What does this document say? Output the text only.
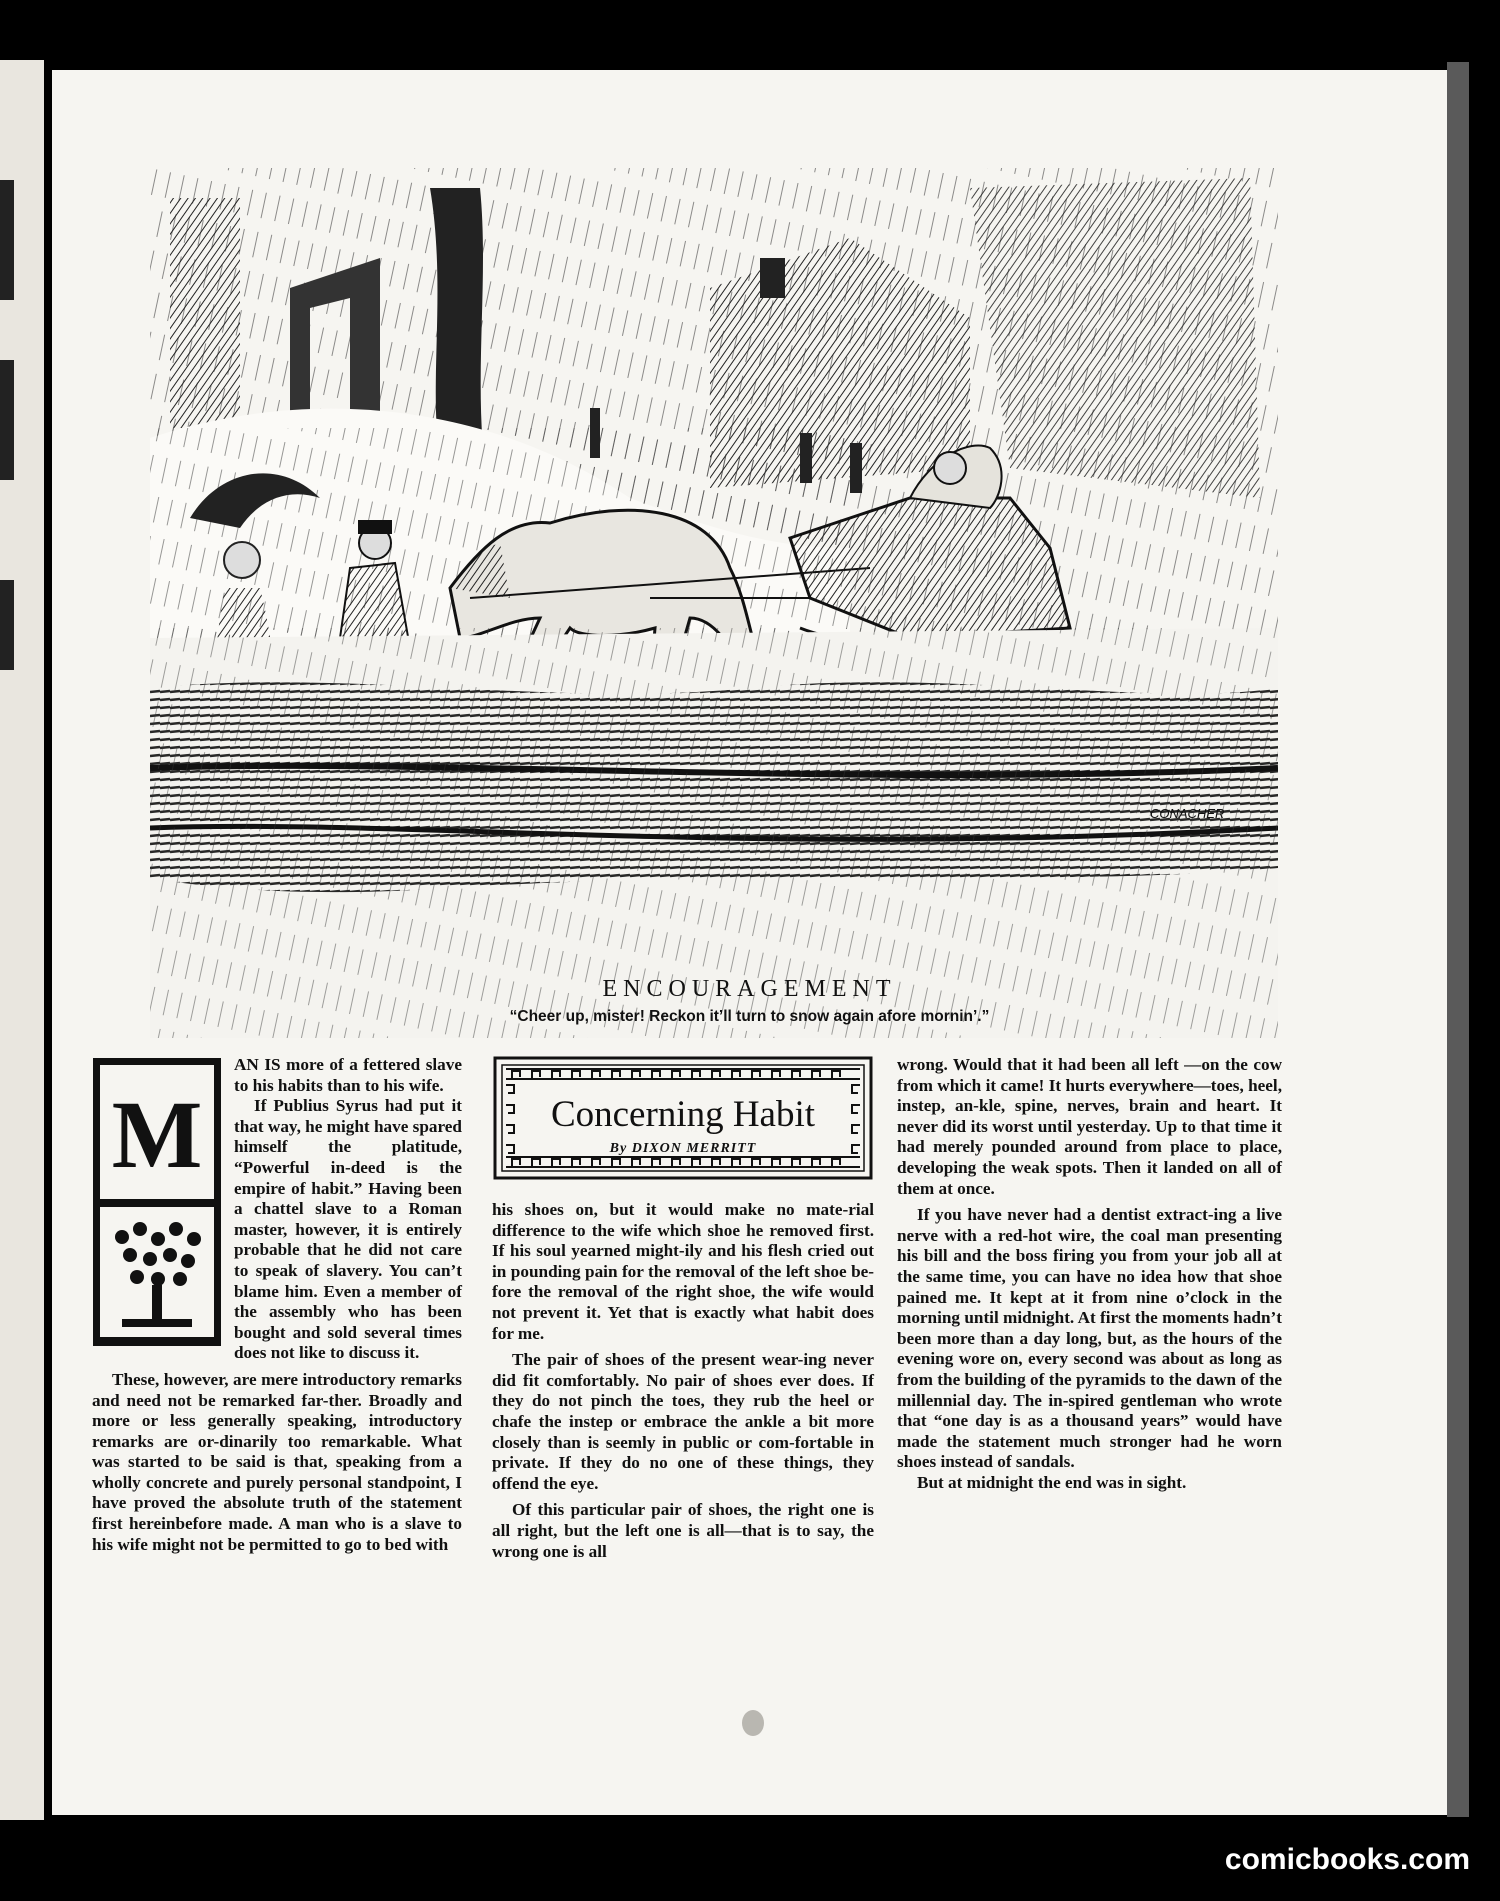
CONACHER
ENCOURAGEMENT
“Cheer up, mister! Reckon it’ll turn to snow again afore mornin’.”
M

AN IS more of a fettered slave to his habits than to his wife.

If Publius Syrus had put it that way, he might have spared himself the platitude, “Powerful in-deed is the empire of habit.” Having been a chattel slave to a Roman master, however, it is entirely probable that he did not care to speak of slavery. You can’t blame him. Even a member of the assembly who has been bought and sold several times does not like to discuss it.

These, however, are mere introductory remarks and need not be remarked far-ther. Broadly and more or less generally speaking, introductory remarks are or-dinarily too remarkable. What was started to be said is that, speaking from a wholly concrete and purely personal standpoint, I have proved the absolute truth of the statement first hereinbefore made. A man who is a slave to his wife might not be permitted to go to bed with

Concerning Habit
By DIXON MERRITT

his shoes on, but it would make no mate-rial difference to the wife which shoe he removed first. If his soul yearned might-ily and his flesh cried out in pounding pain for the removal of the left shoe be-fore the removal of the right shoe, the wife would not prevent it. Yet that is exactly what habit does for me.

The pair of shoes of the present wear-ing never did fit comfortably. No pair of shoes ever does. If they do not pinch the toes, they rub the heel or chafe the instep or embrace the ankle a bit more closely than is seemly in public or com-fortable in private. If they do no one of these things, they offend the eye.

Of this particular pair of shoes, the right one is all right, but the left one is all—that is to say, the wrong one is all

wrong. Would that it had been all left —on the cow from which it came! It hurts everywhere—toes, heel, instep, an-kle, spine, nerves, brain and heart. It never did its worst until yesterday. Up to that time it had merely pounded around from place to place, developing the weak spots. Then it landed on all of them at once.

If you have never had a dentist extract-ing a live nerve with a red-hot wire, the coal man presenting his bill and the boss firing you from your job all at the same time, you can have no idea how that shoe pained me. It kept at it from nine o’clock in the morning until midnight. At first the moments hadn’t been more than a day long, but, as the hours of the evening wore on, every second was about as long as from the building of the pyramids to the dawn of the millennial day. The in-spired gentleman who wrote that “one day is as a thousand years” would have made the statement much stronger had he worn shoes instead of sandals.

But at midnight the end was in sight.

comicbooks.com
